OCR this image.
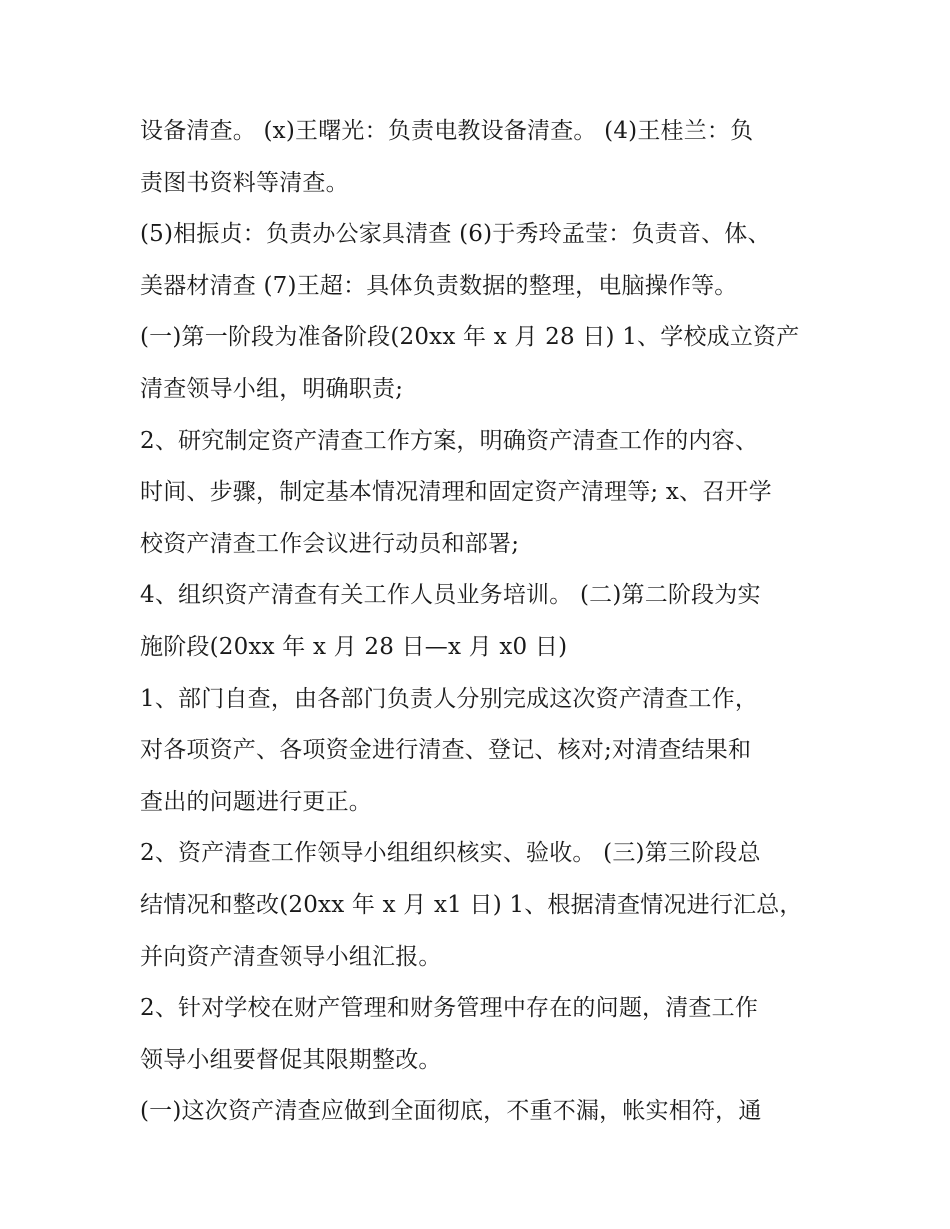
设备清查。 (x)王曙光：负责电教设备清查。 (4)王桂兰：负
责图书资料等清查。
(5)相振贞：负责办公家具清查 (6)于秀玲孟莹：负责音、体、
美器材清查 (7)王超：具体负责数据的整理，电脑操作等。
(一)第一阶段为准备阶段(20xx 年 x 月 28 日) 1、学校成立资产
清查领导小组，明确职责;
2、研究制定资产清查工作方案，明确资产清查工作的内容、
时间、步骤，制定基本情况清理和固定资产清理等; x、召开学
校资产清查工作会议进行动员和部署;
4、组织资产清查有关工作人员业务培训。 (二)第二阶段为实
施阶段(20xx 年 x 月 28 日—x 月 x0 日)
1、部门自查，由各部门负责人分别完成这次资产清查工作，
对各项资产、各项资金进行清查、登记、核对;对清查结果和
查出的问题进行更正。
2、资产清查工作领导小组组织核实、验收。 (三)第三阶段总
结情况和整改(20xx 年 x 月 x1 日) 1、根据清查情况进行汇总，
并向资产清查领导小组汇报。
2、针对学校在财产管理和财务管理中存在的问题，清查工作
领导小组要督促其限期整改。
(一)这次资产清查应做到全面彻底，不重不漏，帐实相符，通
